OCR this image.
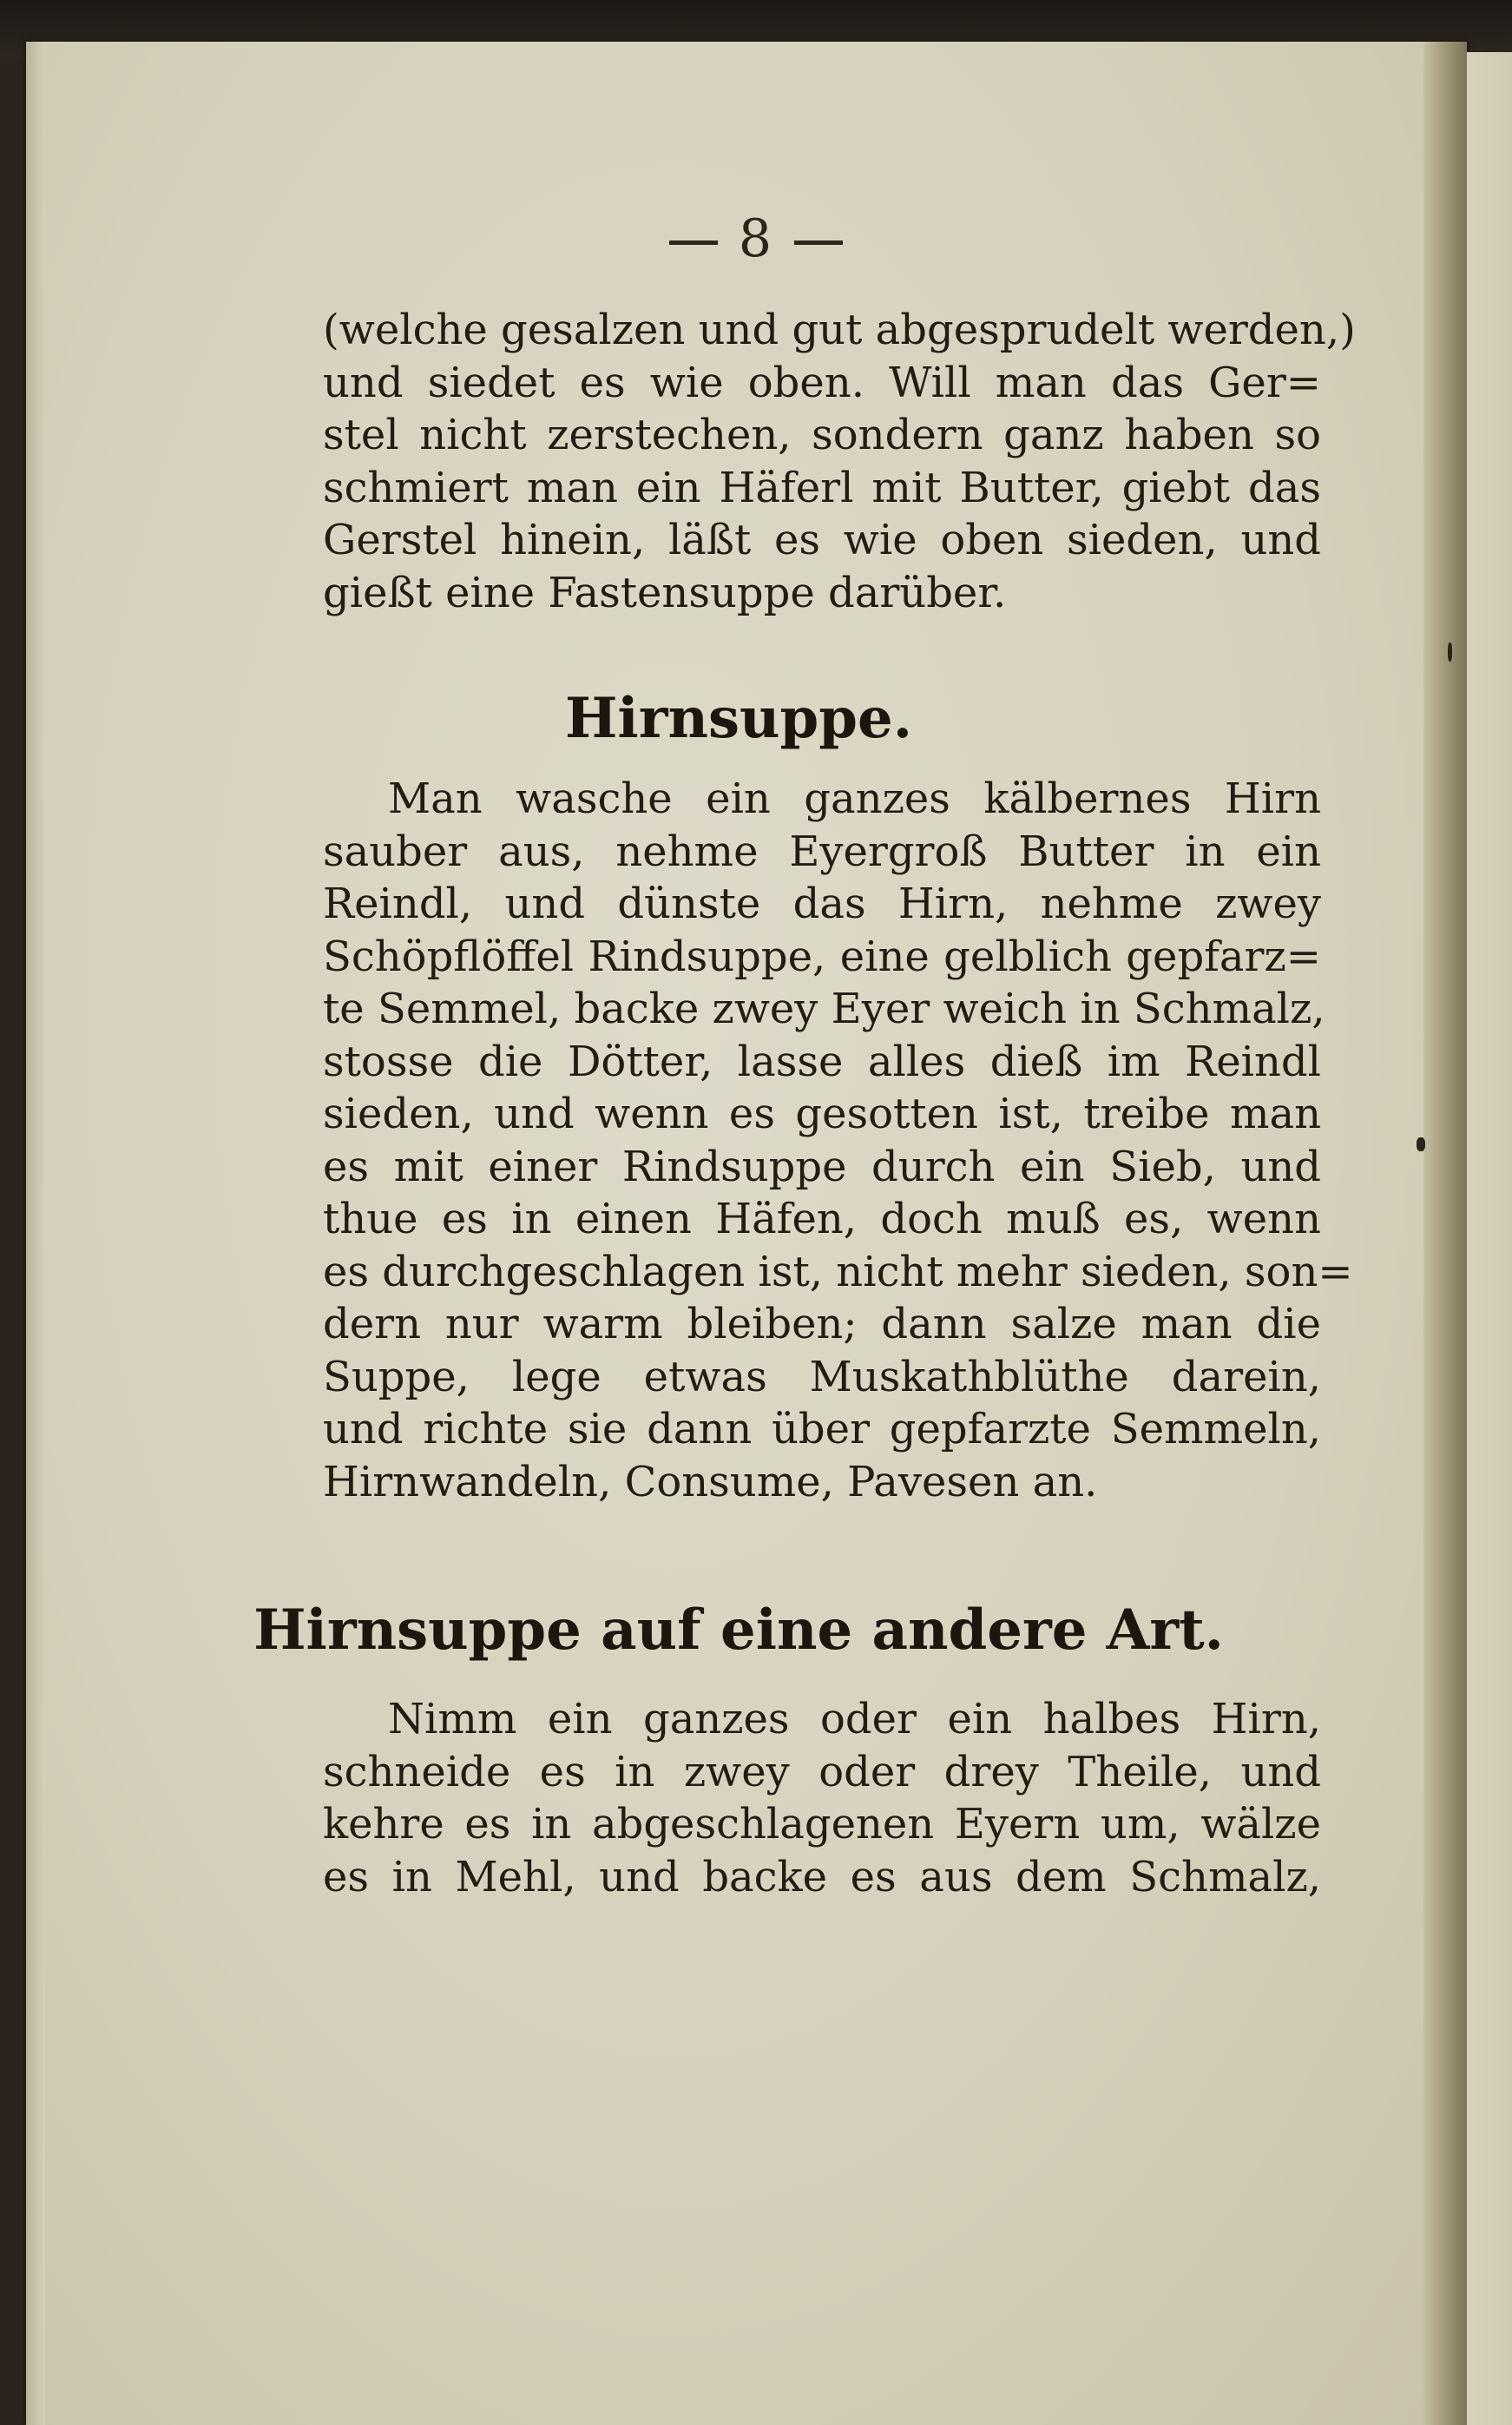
8
(welche gesalzen und gut abgesprudelt werden,)
und siedet es wie oben. Will man das Ger=
stel nicht zerstechen, sondern ganz haben so
schmiert man ein Häferl mit Butter, giebt das
Gerstel hinein, läßt es wie oben sieden, und
gießt eine Fastensuppe darüber.
Hirnsuppe.
Man wasche ein ganzes kälbernes Hirn
sauber aus, nehme Eyergroß Butter in ein
Reindl, und dünste das Hirn, nehme zwey
Schöpflöffel Rindsuppe, eine gelblich gepfarz=
te Semmel, backe zwey Eyer weich in Schmalz,
stosse die Dötter, lasse alles dieß im Reindl
sieden, und wenn es gesotten ist, treibe man
es mit einer Rindsuppe durch ein Sieb, und
thue es in einen Häfen, doch muß es, wenn
es durchgeschlagen ist, nicht mehr sieden, son=
dern nur warm bleiben; dann salze man die
Suppe, lege etwas Muskathblüthe darein,
und richte sie dann über gepfarzte Semmeln,
Hirnwandeln, Consume, Pavesen an.
Hirnsuppe auf eine andere Art.
Nimm ein ganzes oder ein halbes Hirn,
schneide es in zwey oder drey Theile, und
kehre es in abgeschlagenen Eyern um, wälze
es in Mehl, und backe es aus dem Schmalz,
